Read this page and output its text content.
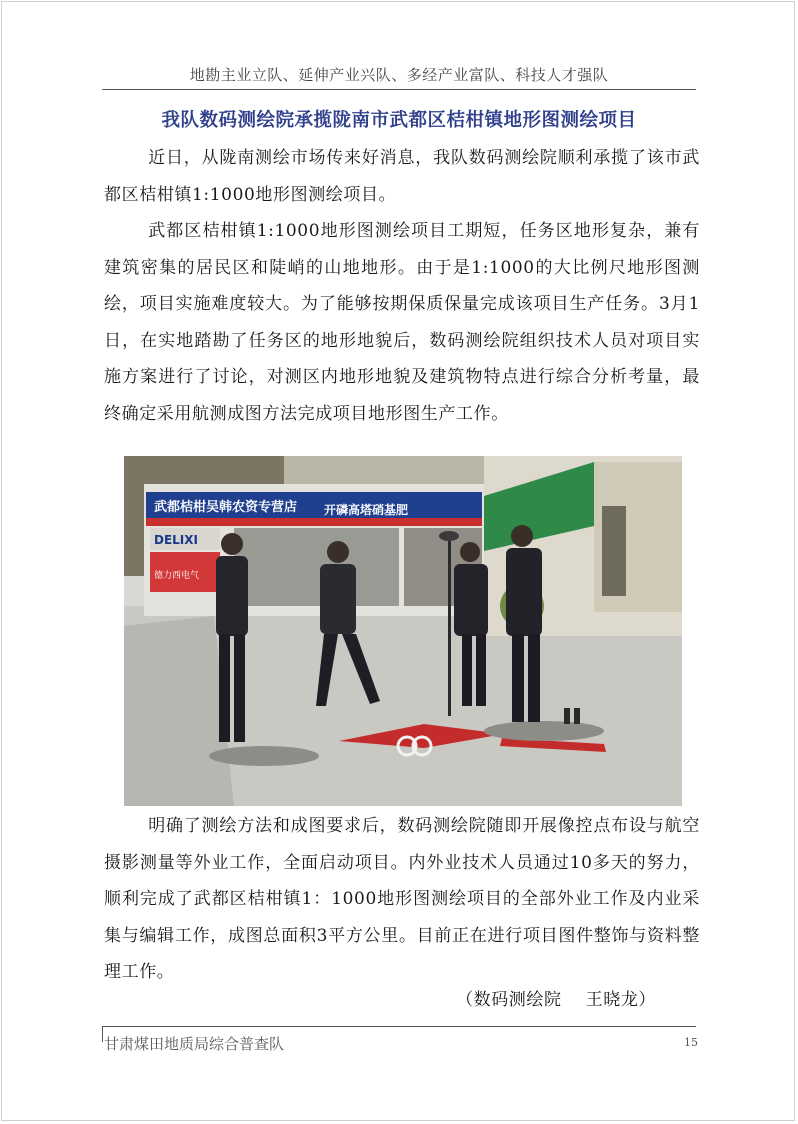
地勘主业立队、延伸产业兴队、多经产业富队、科技人才强队
我队数码测绘院承揽陇南市武都区桔柑镇地形图测绘项目

近日，从陇南测绘市场传来好消息，我队数码测绘院顺利承揽了该市武都区桔柑镇1:1000地形图测绘项目。

武都区桔柑镇1:1000地形图测绘项目工期短，任务区地形复杂，兼有建筑密集的居民区和陡峭的山地地形。由于是1:1000的大比例尺地形图测绘，项目实施难度较大。为了能够按期保质保量完成该项目生产任务。3月1日，在实地踏勘了任务区的地形地貌后，数码测绘院组织技术人员对项目实施方案进行了讨论，对测区内地形地貌及建筑物特点进行综合分析考量，最终确定采用航测成图方法完成项目地形图生产工作。

武都桔柑吴韩农资专营店 开磷高塔硝基肥
DELIXI
德力西电气

明确了测绘方法和成图要求后，数码测绘院随即开展像控点布设与航空摄影测量等外业工作，全面启动项目。内外业技术人员通过10多天的努力，顺利完成了武都区桔柑镇1：1000地形图测绘项目的全部外业工作及内业采集与编辑工作，成图总面积3平方公里。目前正在进行项目图件整饰与资料整理工作。

（数码测绘院    王晓龙）
甘肃煤田地质局综合普查队	15
